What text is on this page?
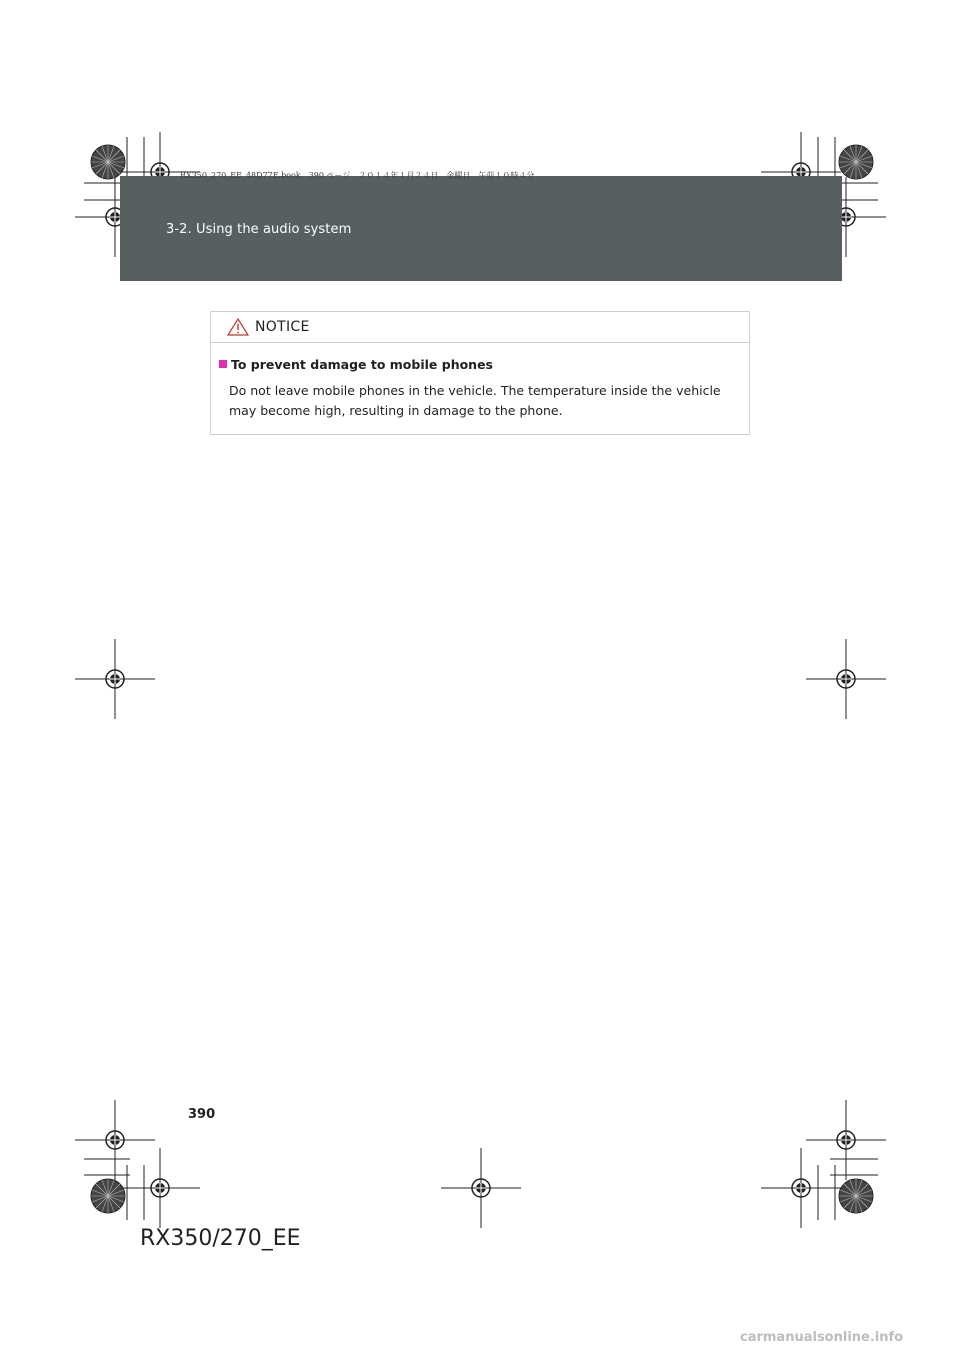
RX350_270_EE_48D77E.book　390 ページ　２０１４年１月２４日　金曜日　午前１０時４分
3-2. Using the audio system
NOTICE
To prevent damage to mobile phones
Do not leave mobile phones in the vehicle. The temperature inside the vehicle may become high, resulting in damage to the phone.
390
RX350/270_EE
carmanualsonline.info
